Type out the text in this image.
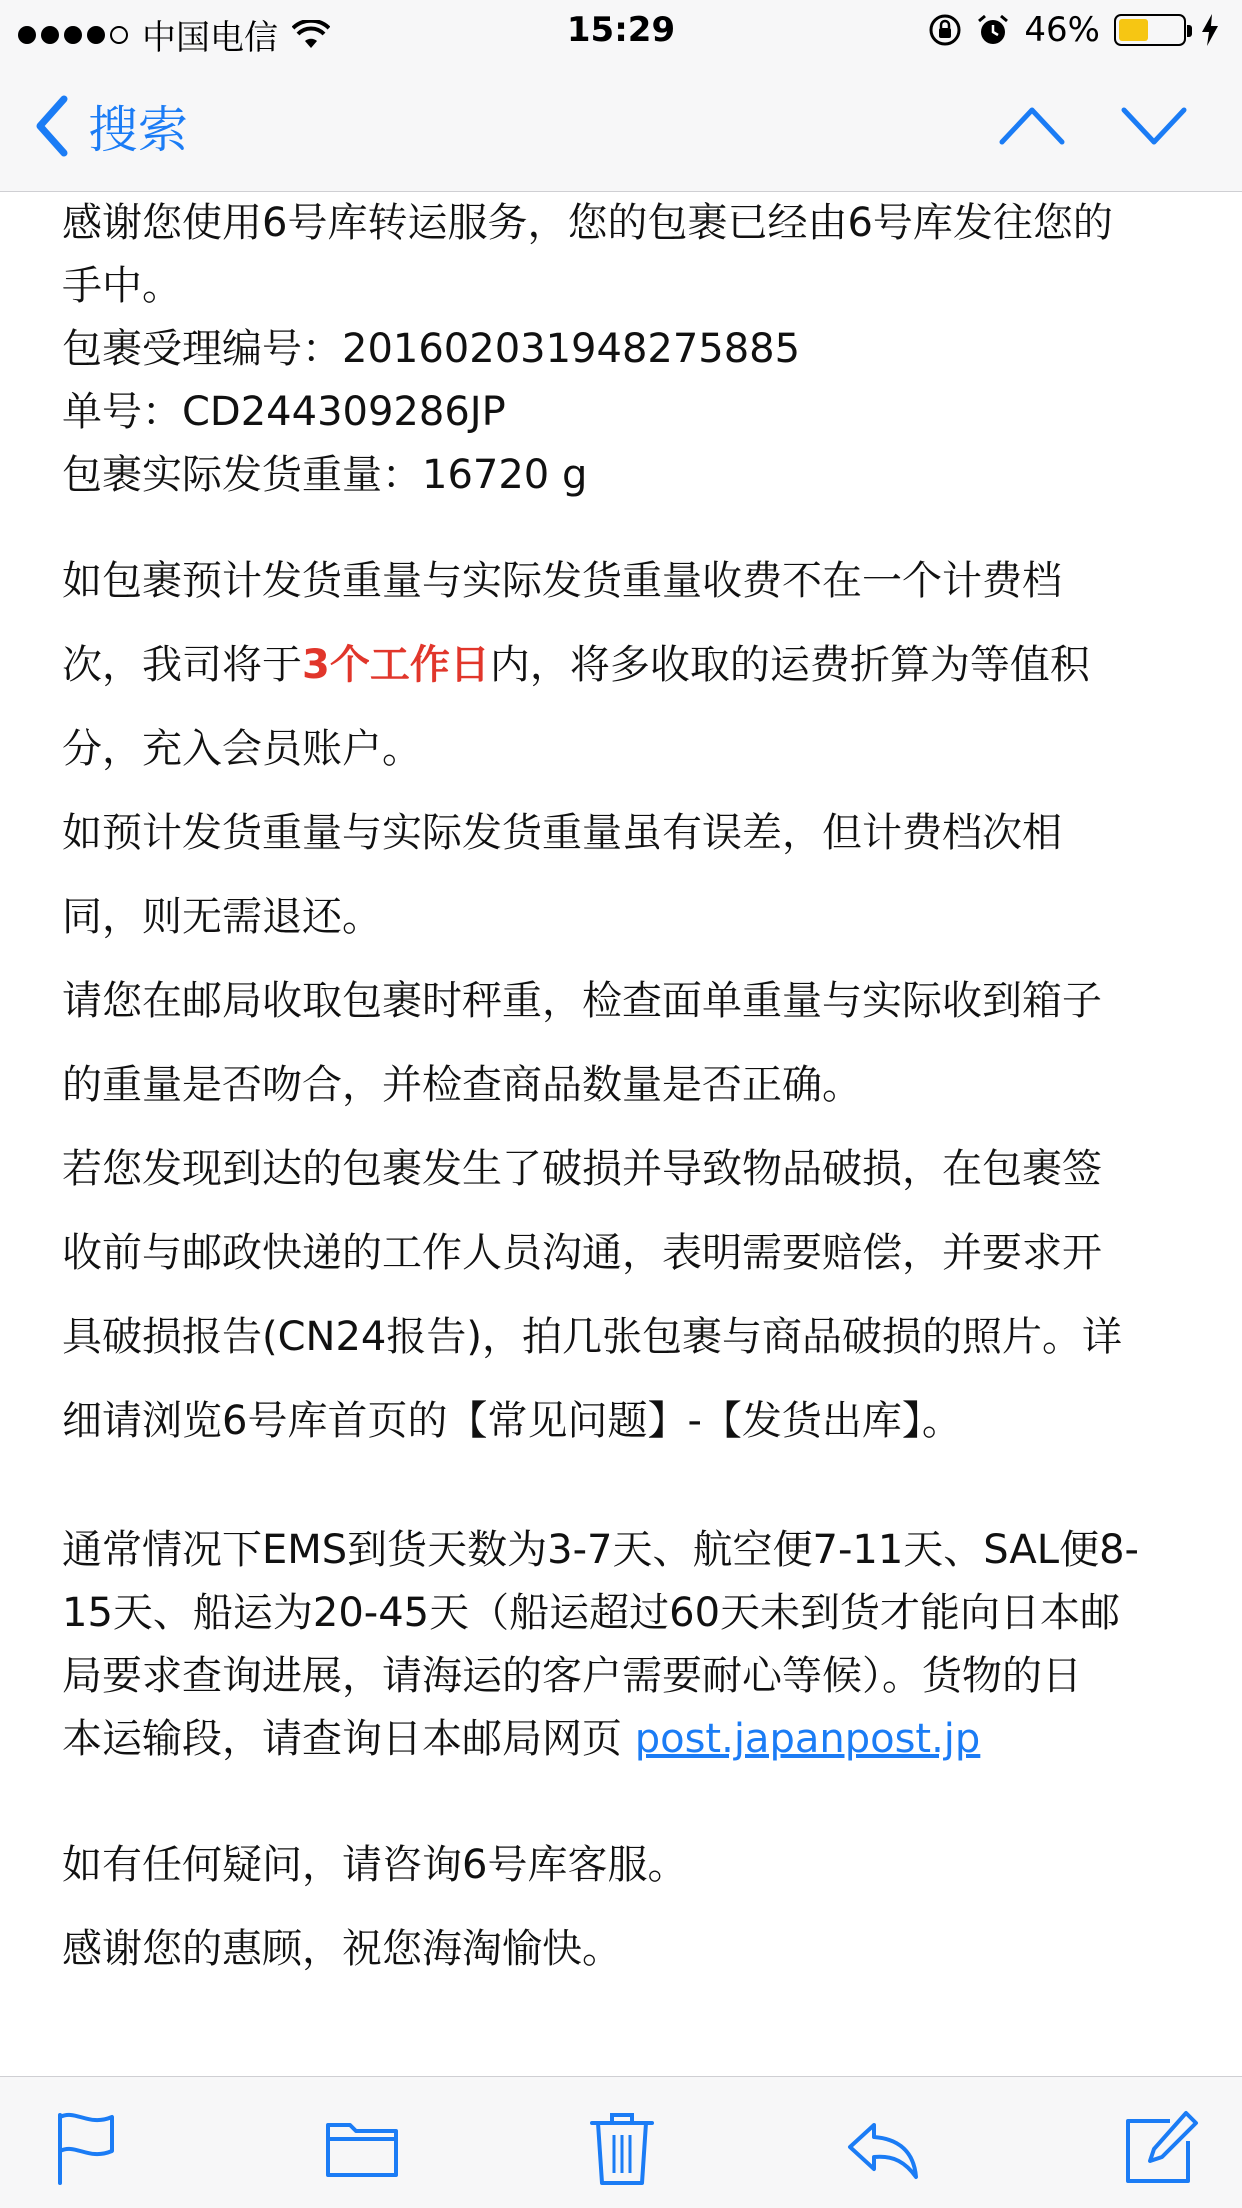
中国电信	15:29	46%
搜索
感谢您使用6号库转运服务，您的包裹已经由6号库发往您的
手中。
包裹受理编号：20160203194827588​5
单号：CD244309286JP
包裹实际发货重量：16720 g
如包裹预计发货重量与实际发货重量收费不在一个计费档
次，我司将于3个工作日内，将多收取的运费折算为等值积
分，充入会员账户。
如预计发货重量与实际发货重量虽有误差，但计费档次相
同，则无需退还。
请您在邮局收取包裹时秤重，检查面单重量与实际收到箱子
的重量是否吻合，并检查商品数量是否正确。
若您发现到达的包裹发生了破损并导致物品破损，在包裹签
收前与邮政快递的工作人员沟通，表明需要赔偿，并要求开
具破损报告(CN24报告)，拍几张包裹与商品破损的照片。详
细请浏览6号库首页的【常见问题】-【发货出库】。
通常情况下EMS到货天数为3-7天、航空便7-11天、SAL便8-
15天、船运为20-45天（船运超过60天未到货才能向日本邮
局要求查询进展，请海运的客户需要耐心等候）。货物的日
本运输段，请查询日本邮局网页 post.japanpost.jp
如有任何疑问，请咨询6号库客服。
感谢您的惠顾，祝您海淘愉快。
